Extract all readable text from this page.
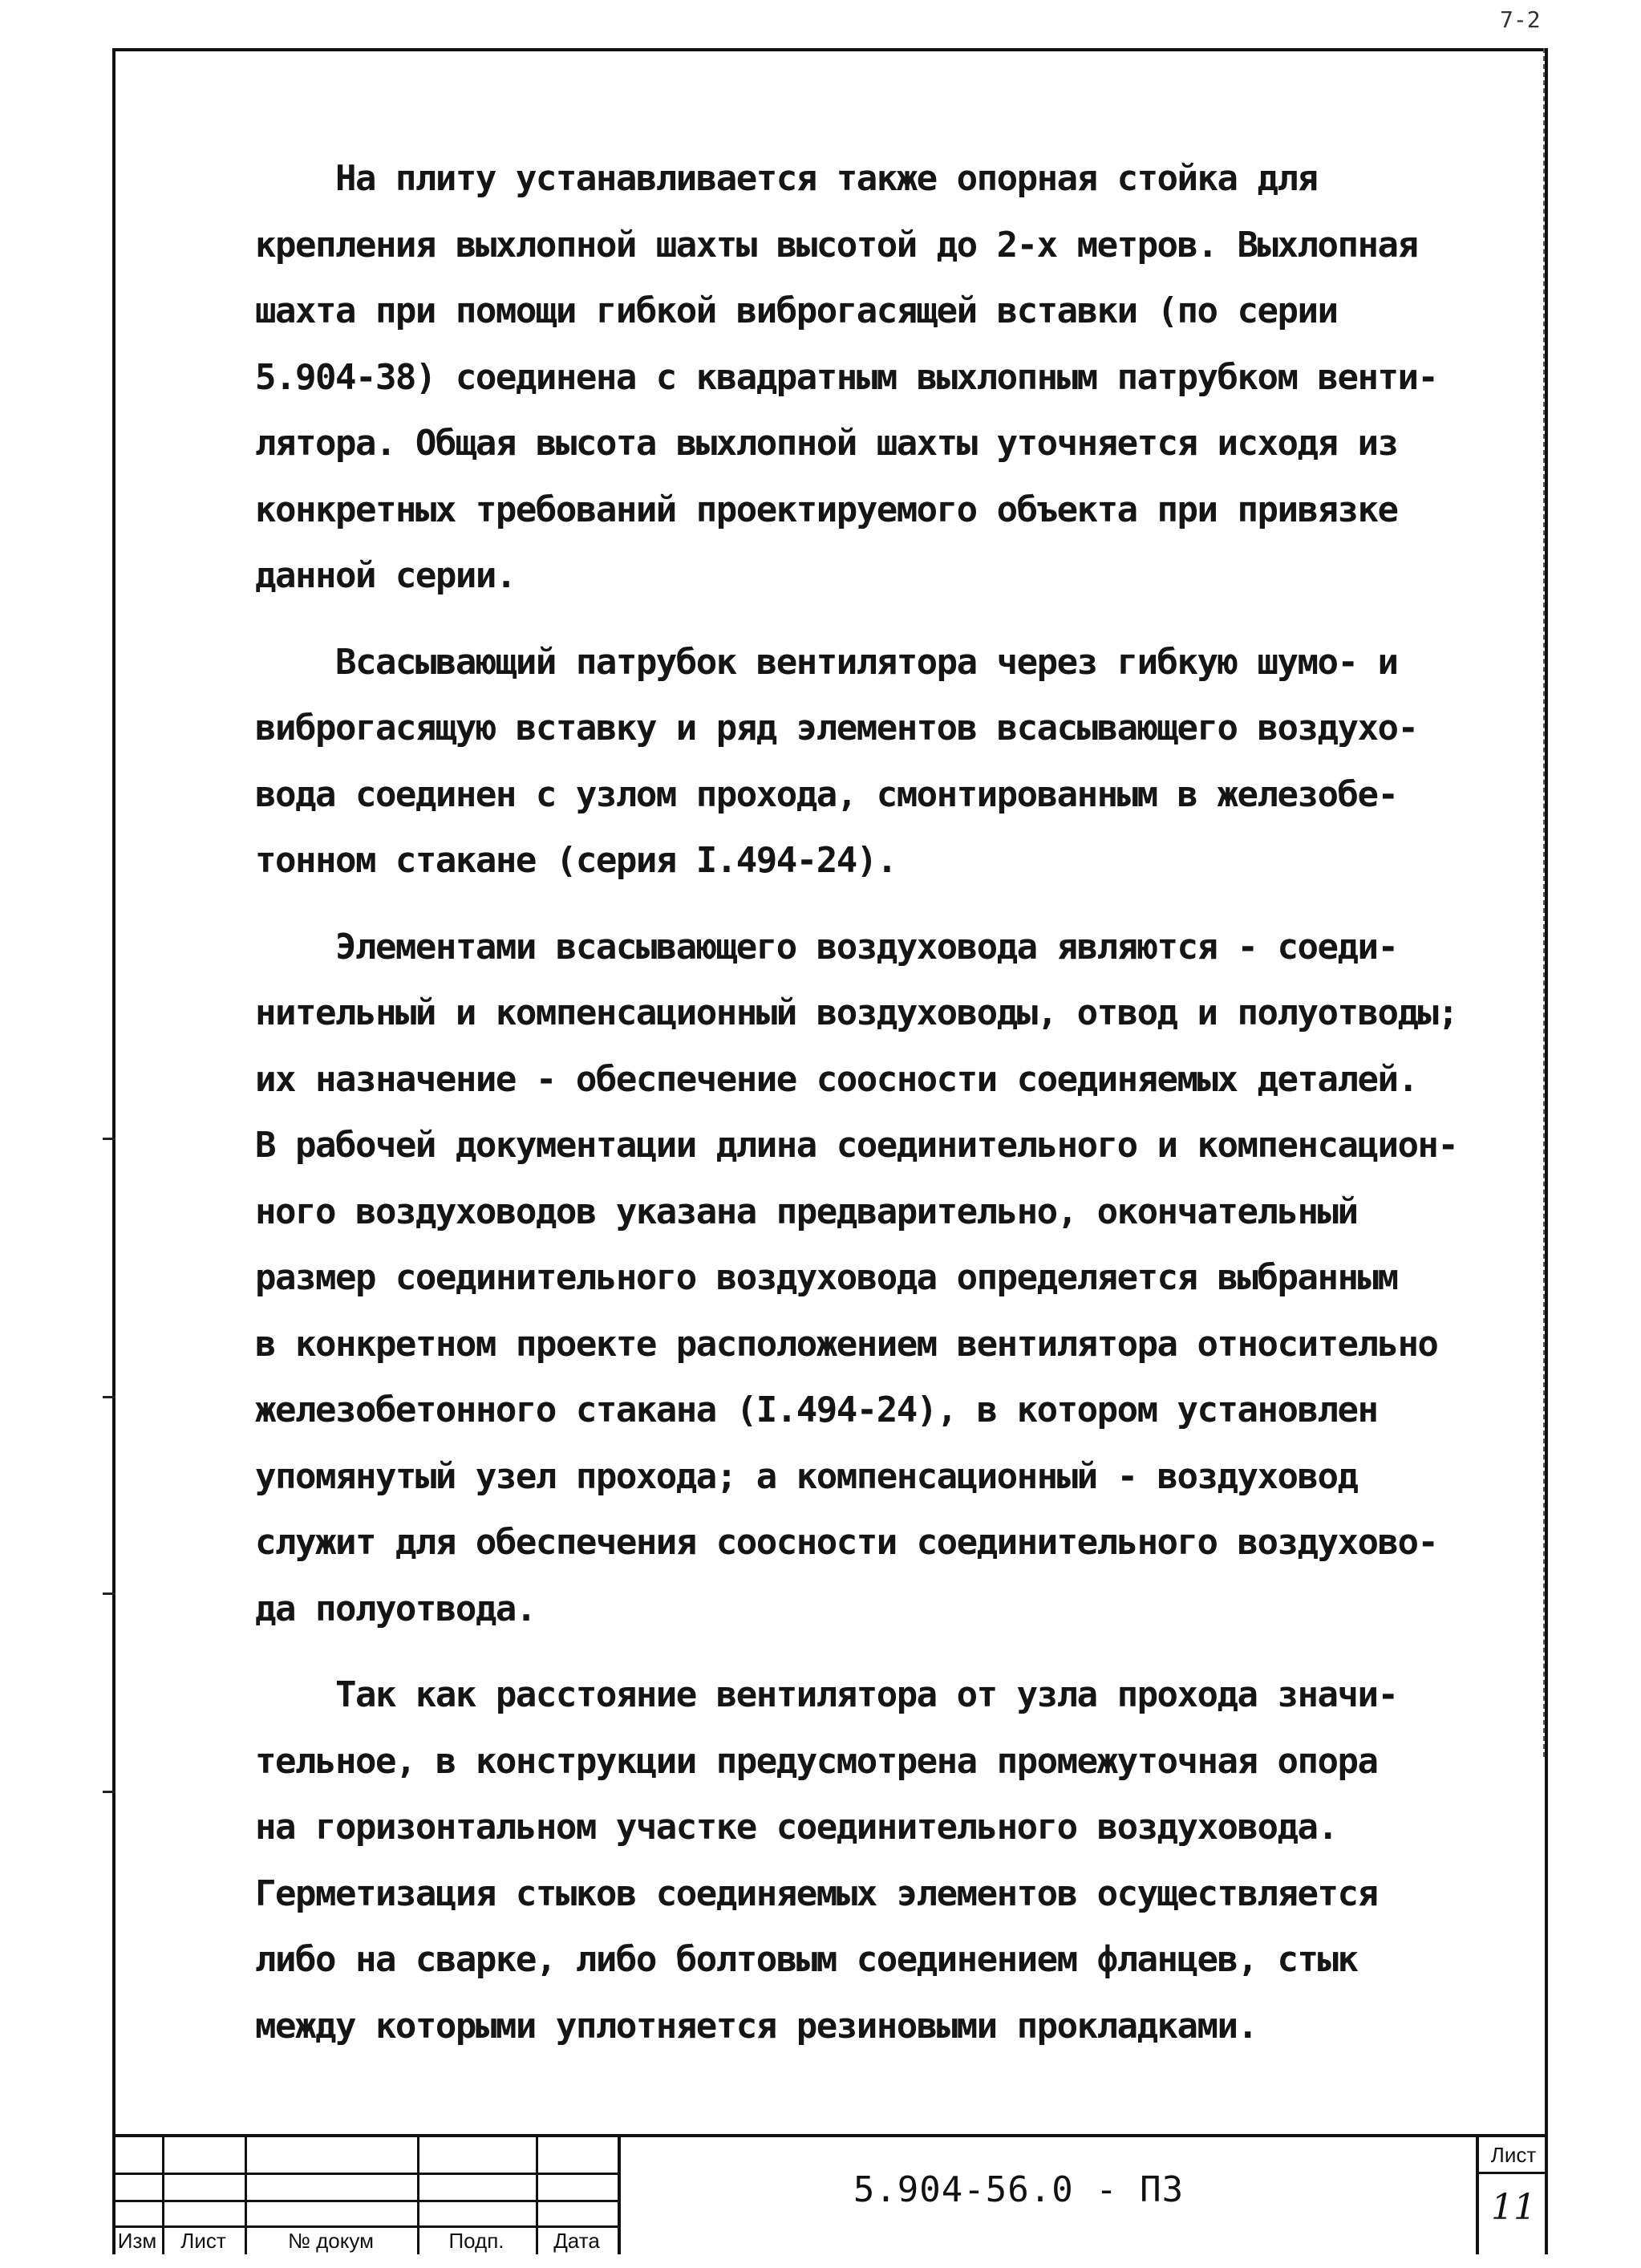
7-2
На плиту устанавливается также опорная стойка для
крепления выхлопной шахты высотой до 2-х метров. Выхлопная
шахта при помощи гибкой виброгасящей вставки (по серии
5.904-38) соединена с квадратным выхлопным патрубком венти-
лятора. Общая высота выхлопной шахты уточняется исходя из
конкретных требований проектируемого объекта при привязке
данной серии.
Всасывающий патрубок вентилятора через гибкую шумо- и
виброгасящую вставку и ряд элементов всасывающего воздухо-
вода соединен с узлом прохода, смонтированным в железобе-
тонном стакане (серия I.494-24).
Элементами всасывающего воздуховода являются - соеди-
нительный и компенсационный воздуховоды, отвод и полуотводы;
их назначение - обеспечение соосности соединяемых деталей.
В рабочей документации длина соединительного и компенсацион-
ного воздуховодов указана предварительно, окончательный
размер соединительного воздуховода определяется выбранным
в конкретном проекте расположением вентилятора относительно
железобетонного стакана (I.494-24), в котором установлен
упомянутый узел прохода; а компенсационный - воздуховод
служит для обеспечения соосности соединительного воздухово-
да полуотвода.
Так как расстояние вентилятора от узла прохода значи-
тельное, в конструкции предусмотрена промежуточная опора
на горизонтальном участке соединительного воздуховода.
Герметизация стыков соединяемых элементов осуществляется
либо на сварке, либо болтовым соединением фланцев, стык
между которыми уплотняется резиновыми прокладками.
Изм	Лист	№ докум	Подп.	Дата
5.904-56.0 - ПЗ
Лист
11
